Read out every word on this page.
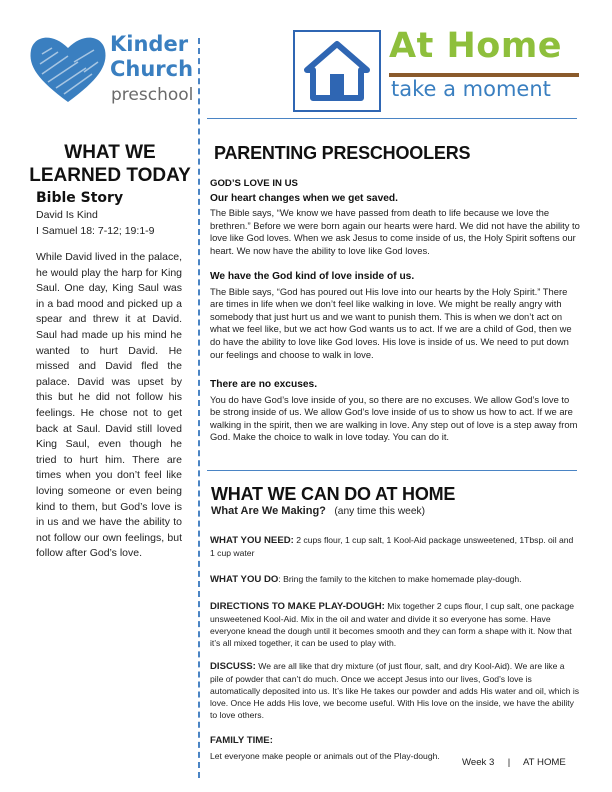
Kinder
Church
preschool
At Home
take a moment
WHAT WE LEARNED TODAY
Bible Story
David Is Kind
I Samuel 18: 7-12; 19:1-9
While David lived in the palace, he would play the harp for King Saul. One day, King Saul was in a bad mood and picked up a spear and threw it at David. Saul had made up his mind he wanted to hurt David. He missed and David fled the palace. David was upset by this but he did not follow his feelings. He chose not to get back at Saul. David still loved King Saul, even though he tried to hurt him. There are times when you don’t feel like loving someone or even being kind to them, but God’s love is in us and we have the ability to not follow our own feelings, but follow after God’s love.
PARENTING PRESCHOOLERS
GOD’S LOVE IN US
Our heart changes when we get saved.
The Bible says, “We know we have passed from death to life because we love the brethren.” Before we were born again our hearts were hard. We did not have the ability to love like God loves. When we ask Jesus to come inside of us, the Holy Spirit softens our heart. We now have the ability to love like God loves.
We have the God kind of love inside of us.
The Bible says, “God has poured out His love into our hearts by the Holy Spirit.” There are times in life when we don’t feel like walking in love. We might be really angry with somebody that just hurt us and we want to punish them. This is when we don’t act on what we feel like, but we act how God wants us to act. If we are a child of God, then we do have the ability to love like God loves. His love is inside of us. We need to put down our feelings and choose to walk in love.
There are no excuses.
You do have God’s love inside of you, so there are no excuses. We allow God’s love to be strong inside of us. We allow God’s love inside of us to show us how to act. If we are walking in the spirit, then we are walking in love. Any step out of love is a step away from God. Make the choice to walk in love today. You can do it.
WHAT WE CAN DO AT HOME
What Are We Making? (any time this week)
WHAT YOU NEED: 2 cups flour, 1 cup salt, 1 Kool-Aid package unsweetened, 1Tbsp. oil and 1 cup water
WHAT YOU DO: Bring the family to the kitchen to make homemade play-dough.
DIRECTIONS TO MAKE PLAY-DOUGH: Mix together 2 cups flour, I cup salt, one package unsweetened Kool-Aid. Mix in the oil and water and divide it so everyone has some. Have everyone knead the dough until it becomes smooth and they can form a shape with it. Now that it’s all mixed together, it can be used to play with.
DISCUSS: We are all like that dry mixture (of just flour, salt, and dry Kool-Aid). We are like a pile of powder that can’t do much. Once we accept Jesus into our lives, God’s love is automatically deposited into us. It’s like He takes our powder and adds His water and oil, which is love. Once He adds His love, we become useful. With His love on the inside, we have the ability to love others.
FAMILY TIME:
Let everyone make people or animals out of the Play-dough.
Week 3 | AT HOME
